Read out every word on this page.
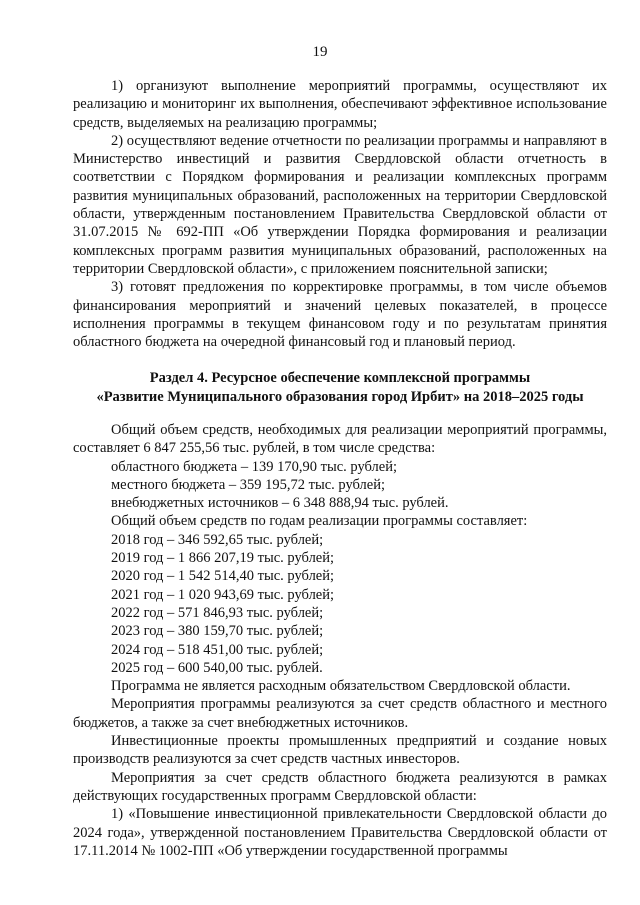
19

1) организуют выполнение мероприятий программы, осуществляют их реализацию и мониторинг их выполнения, обеспечивают эффективное использование средств, выделяемых на реализацию программы;

2) осуществляют ведение отчетности по реализации программы и направляют в Министерство инвестиций и развития Свердловской области отчетность в соответствии с Порядком формирования и реализации комплексных программ развития муниципальных образований, расположенных на территории Свердловской области, утвержденным постановлением Правительства Свердловской области от 31.07.2015 № 692-ПП «Об утверждении Порядка формирования и реализации комплексных программ развития муниципальных образований, расположенных на территории Свердловской области», с приложением пояснительной записки;

3) готовят предложения по корректировке программы, в том числе объемов финансирования мероприятий и значений целевых показателей, в процессе исполнения программы в текущем финансовом году и по результатам принятия областного бюджета на очередной финансовый год и плановый период.

Раздел 4. Ресурсное обеспечение комплексной программы

«Развитие Муниципального образования город Ирбит» на 2018–2025 годы

Общий объем средств, необходимых для реализации мероприятий программы, составляет 6 847 255,56 тыс. рублей, в том числе средства:

областного бюджета – 139 170,90 тыс. рублей;

местного бюджета – 359 195,72 тыс. рублей;

внебюджетных источников – 6 348 888,94 тыс. рублей.

Общий объем средств по годам реализации программы составляет:

2018 год – 346 592,65 тыс. рублей;

2019 год – 1 866 207,19 тыс. рублей;

2020 год – 1 542 514,40 тыс. рублей;

2021 год – 1 020 943,69 тыс. рублей;

2022 год – 571 846,93 тыс. рублей;

2023 год – 380 159,70 тыс. рублей;

2024 год – 518 451,00 тыс. рублей;

2025 год – 600 540,00 тыс. рублей.

Программа не является расходным обязательством Свердловской области.

Мероприятия программы реализуются за счет средств областного и местного бюджетов, а также за счет внебюджетных источников.

Инвестиционные проекты промышленных предприятий и создание новых производств реализуются за счет средств частных инвесторов.

Мероприятия за счет средств областного бюджета реализуются в рамках действующих государственных программ Свердловской области:

1) «Повышение инвестиционной привлекательности Свердловской области до 2024 года», утвержденной постановлением Правительства Свердловской области от 17.11.2014 № 1002-ПП «Об утверждении государственной программы
